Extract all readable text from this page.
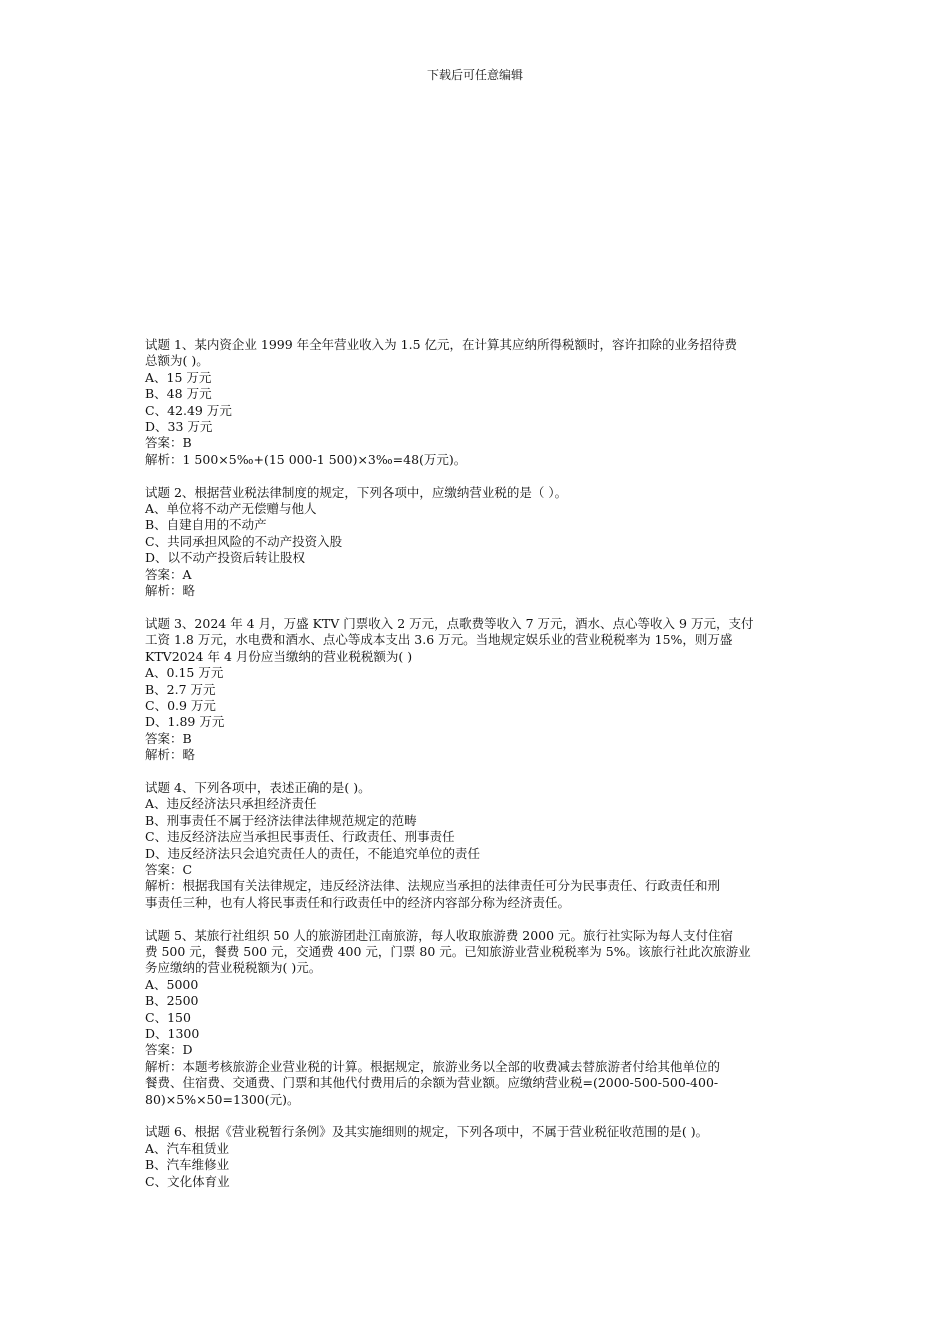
下载后可任意编辑
试题 1、某内资企业 1999 年全年营业收入为 1.5 亿元，在计算其应纳所得税额时，容许扣除的业务招待费
总额为( )。
A、15 万元
B、48 万元
C、42.49 万元
D、33 万元
答案：B
解析：1 500×5‰+(15 000-1 500)×3‰=48(万元)。
试题 2、根据营业税法律制度的规定，下列各项中，应缴纳营业税的是（ ）。
A、单位将不动产无偿赠与他人
B、自建自用的不动产
C、共同承担风险的不动产投资入股
D、以不动产投资后转让股权
答案：A
解析：略
试题 3、2024 年 4 月，万盛 KTV 门票收入 2 万元，点歌费等收入 7 万元，酒水、点心等收入 9 万元，支付
工资 1.8 万元，水电费和酒水、点心等成本支出 3.6 万元。当地规定娱乐业的营业税税率为 15%，则万盛
KTV2024 年 4 月份应当缴纳的营业税税额为( )
A、0.15 万元
B、2.7 万元
C、0.9 万元
D、1.89 万元
答案：B
解析：略
试题 4、下列各项中，表述正确的是( )。
A、违反经济法只承担经济责任
B、刑事责任不属于经济法律法律规范规定的范畴
C、违反经济法应当承担民事责任、行政责任、刑事责任
D、违反经济法只会追究责任人的责任，不能追究单位的责任
答案：C
解析：根据我国有关法律规定，违反经济法律、法规应当承担的法律责任可分为民事责任、行政责任和刑
事责任三种，也有人将民事责任和行政责任中的经济内容部分称为经济责任。
试题 5、某旅行社组织 50 人的旅游团赴江南旅游，每人收取旅游费 2000 元。旅行社实际为每人支付住宿
费 500 元，餐费 500 元，交通费 400 元，门票 80 元。已知旅游业营业税税率为 5%。该旅行社此次旅游业
务应缴纳的营业税税额为( )元。
A、5000
B、2500
C、150
D、1300
答案：D
解析：本题考核旅游企业营业税的计算。根据规定，旅游业务以全部的收费减去替旅游者付给其他单位的
餐费、住宿费、交通费、门票和其他代付费用后的余额为营业额。应缴纳营业税=(2000-500-500-400-
80)×5%×50=1300(元)。
试题 6、根据《营业税暂行条例》及其实施细则的规定，下列各项中，不属于营业税征收范围的是( )。
A、汽车租赁业
B、汽车维修业
C、文化体育业
